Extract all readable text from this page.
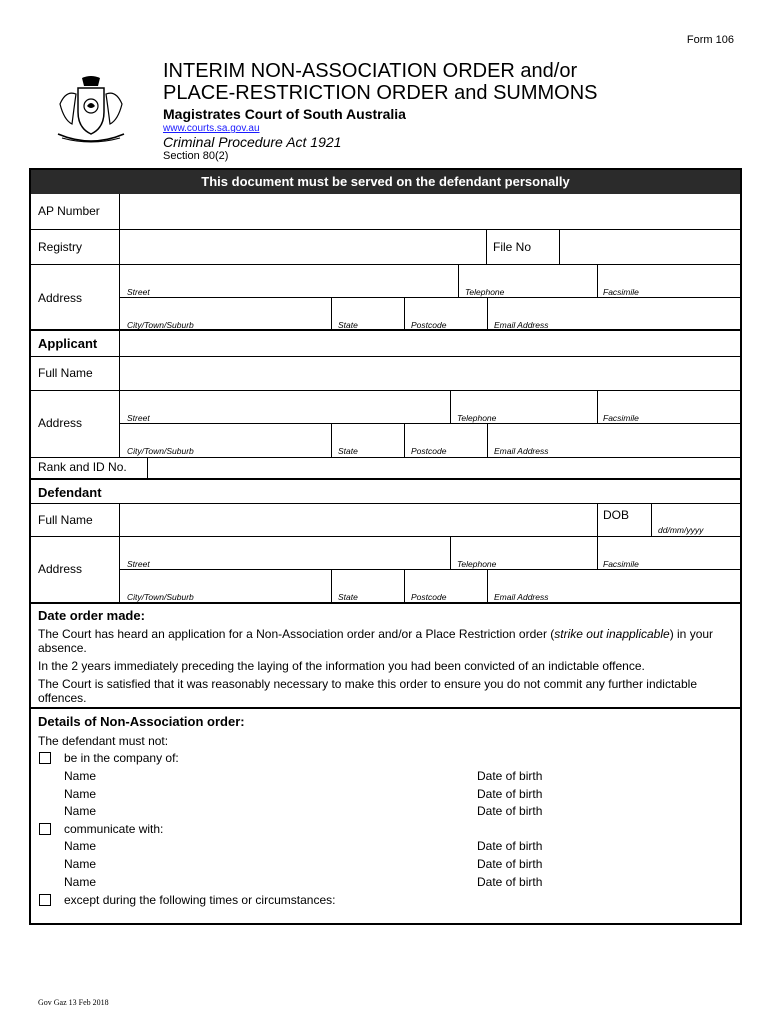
Form 106
INTERIM NON-ASSOCIATION ORDER and/or
PLACE-RESTRICTION ORDER and SUMMONS
Magistrates Court of South Australia
www.courts.sa.gov.au
Criminal Procedure Act 1921
Section 80(2)
This document must be served on the defendant personally
AP Number
Registry	File No
Address	Street	Telephone	Facsimile
City/Town/Suburb	State	Postcode	Email Address
Applicant
Full Name
Address	Street	Telephone	Facsimile
City/Town/Suburb	State	Postcode	Email Address
Rank and ID No.
Defendant
Full Name	DOB
dd/mm/yyyy
Address	Street	Telephone	Facsimile
City/Town/Suburb	State	Postcode	Email Address
Date order made:
The Court has heard an application for a Non-Association order and/or a Place Restriction order (strike out inapplicable) in your absence.
In the 2 years immediately preceding the laying of the information you had been convicted of an indictable offence.
The Court is satisfied that it was reasonably necessary to make this order to ensure you do not commit any further indictable offences.
Details of Non-Association order:
The defendant must not:
be in the company of:
Name	Date of birth
Name	Date of birth
Name	Date of birth
communicate with:
Name	Date of birth
Name	Date of birth
Name	Date of birth
except during the following times or circumstances:
Gov Gaz 13 Feb 2018
